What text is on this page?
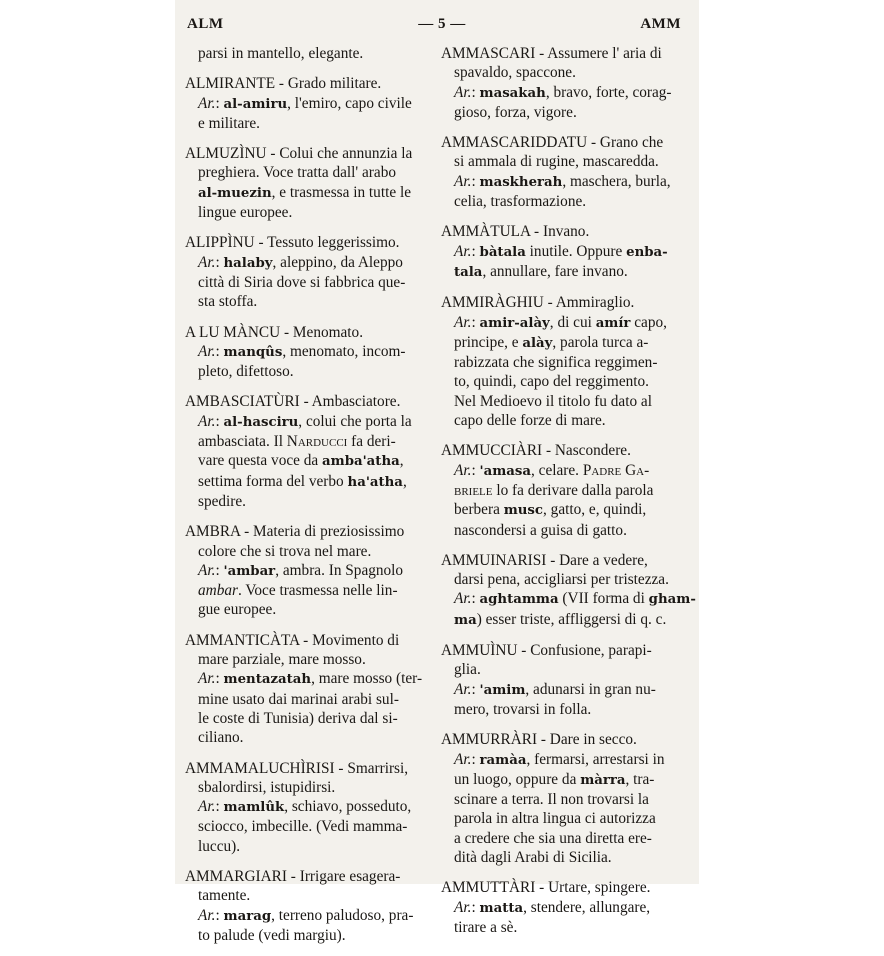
ALM	— 5 —	AMM
parsi in mantello, elegante.
ALMIRANTE - Grado militare.
Ar.: al-amiru, l'emiro, capo civile
e militare.
ALMUZÌNU - Colui che annunzia la
preghiera. Voce tratta dall' arabo
al-muezin, e trasmessa in tutte le
lingue europee.
ALIPPÌNU - Tessuto leggerissimo.
Ar.: halaby, aleppino, da Aleppo
città di Siria dove si fabbrica que-
sta stoffa.
A LU MÀNCU - Menomato.
Ar.: manqûs, menomato, incom-
pleto, difettoso.
AMBASCIATÙRI - Ambasciatore.
Ar.: al-hasciru, colui che porta la
ambasciata. Il Narducci fa deri-
vare questa voce da amba'atha,
settima forma del verbo ha'atha,
spedire.
AMBRA - Materia di preziosissimo
colore che si trova nel mare.
Ar.: 'ambar, ambra. In Spagnolo
ambar. Voce trasmessa nelle lin-
gue europee.
AMMANTICÀTA - Movimento di
mare parziale, mare mosso.
Ar.: mentazatah, mare mosso (ter-
mine usato dai marinai arabi sul-
le coste di Tunisia) deriva dal si-
ciliano.
AMMAMALUCHÌRISI - Smarrirsi,
sbalordirsi, istupidirsi.
Ar.: mamlûk, schiavo, posseduto,
sciocco, imbecille. (Vedi mamma-
luccu).
AMMARGIARI - Irrigare esagera-
tamente.
Ar.: marag, terreno paludoso, pra-
to palude (vedi margiu).
AMMASCARI - Assumere l' aria di
spavaldo, spaccone.
Ar.: masakah, bravo, forte, corag-
gioso, forza, vigore.
AMMASCARIDDATU - Grano che
si ammala di rugine, mascaredda.
Ar.: maskherah, maschera, burla,
celia, trasformazione.
AMMÀTULA - Invano.
Ar.: bàtala inutile. Oppure enba-
tala, annullare, fare invano.
AMMIRÀGHIU - Ammiraglio.
Ar.: amir-alày, di cui amír capo,
principe, e alày, parola turca a-
rabizzata che significa reggimen-
to, quindi, capo del reggimento.
Nel Medioevo il titolo fu dato al
capo delle forze di mare.
AMMUCCIÀRI - Nascondere.
Ar.: 'amasa, celare. Padre Ga-
briele lo fa derivare dalla parola
berbera musc, gatto, e, quindi,
nascondersi a guisa di gatto.
AMMUINARISI - Dare a vedere,
darsi pena, accigliarsi per tristezza.
Ar.: aghtamma (VII forma di gham-
ma) esser triste, affliggersi di q. c.
AMMUÌNU - Confusione, parapi-
glia.
Ar.: 'amim, adunarsi in gran nu-
mero, trovarsi in folla.
AMMURRÀRI - Dare in secco.
Ar.: ramàa, fermarsi, arrestarsi in
un luogo, oppure da màrra, tra-
scinare a terra. Il non trovarsi la
parola in altra lingua ci autorizza
a credere che sia una diretta ere-
dità dagli Arabi di Sicilia.
AMMUTTÀRI - Urtare, spingere.
Ar.: matta, stendere, allungare,
tirare a sè.
